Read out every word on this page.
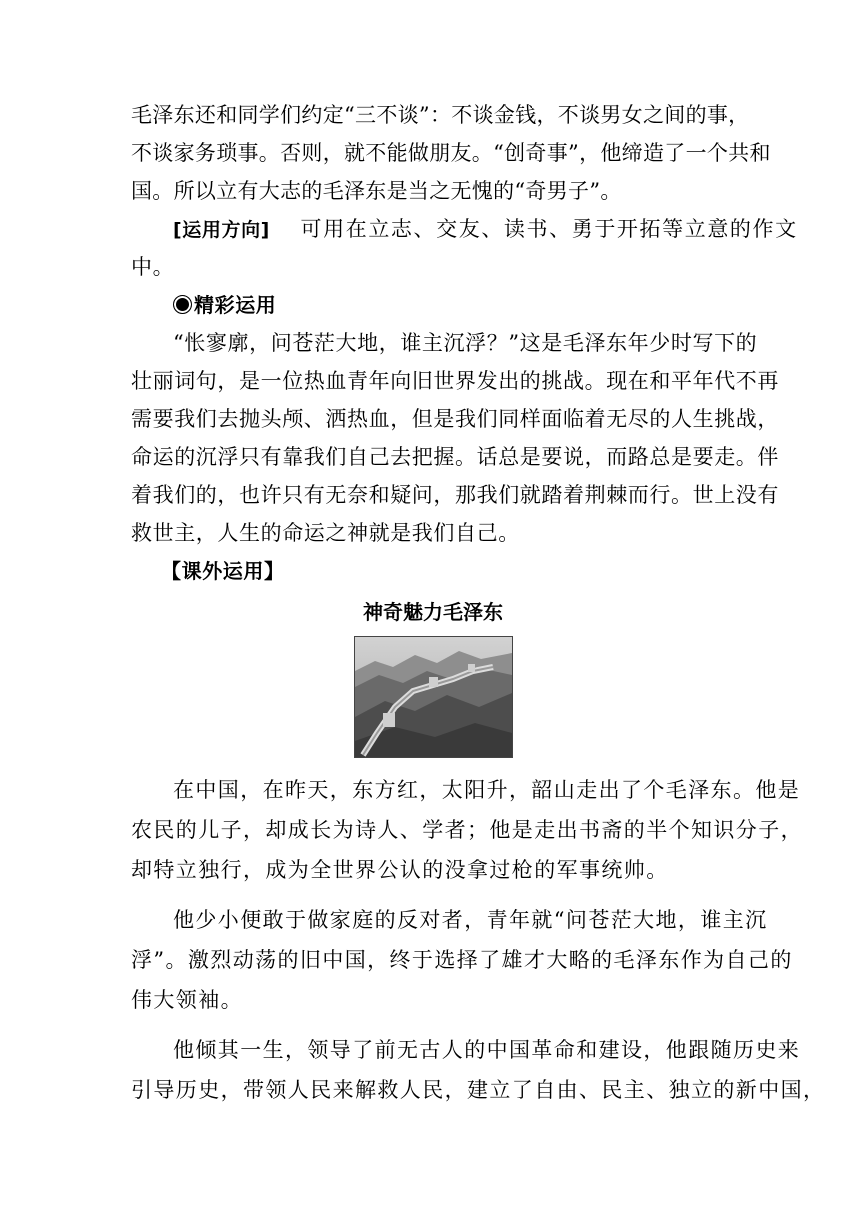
毛泽东还和同学们约定“三不谈”：不谈金钱，不谈男女之间的事，
不谈家务琐事。否则，就不能做朋友。“创奇事”，他缔造了一个共和
国。所以立有大志的毛泽东是当之无愧的“奇男子”。
[运用方向] 可用在立志、交友、读书、勇于开拓等立意的作文
中。
精彩运用
“怅寥廓，问苍茫大地，谁主沉浮？”这是毛泽东年少时写下的
壮丽词句，是一位热血青年向旧世界发出的挑战。现在和平年代不再
需要我们去抛头颅、洒热血，但是我们同样面临着无尽的人生挑战，
命运的沉浮只有靠我们自己去把握。话总是要说，而路总是要走。伴
着我们的，也许只有无奈和疑问，那我们就踏着荆棘而行。世上没有
救世主，人生的命运之神就是我们自己。
【课外运用】
神奇魅力毛泽东
在中国，在昨天，东方红，太阳升，韶山走出了个毛泽东。他是
农民的儿子，却成长为诗人、学者；他是走出书斋的半个知识分子，
却特立独行，成为全世界公认的没拿过枪的军事统帅。
他少小便敢于做家庭的反对者，青年就“问苍茫大地，谁主沉
浮”。激烈动荡的旧中国，终于选择了雄才大略的毛泽东作为自己的
伟大领袖。
他倾其一生，领导了前无古人的中国革命和建设，他跟随历史来
引导历史，带领人民来解救人民，建立了自由、民主、独立的新中国，
